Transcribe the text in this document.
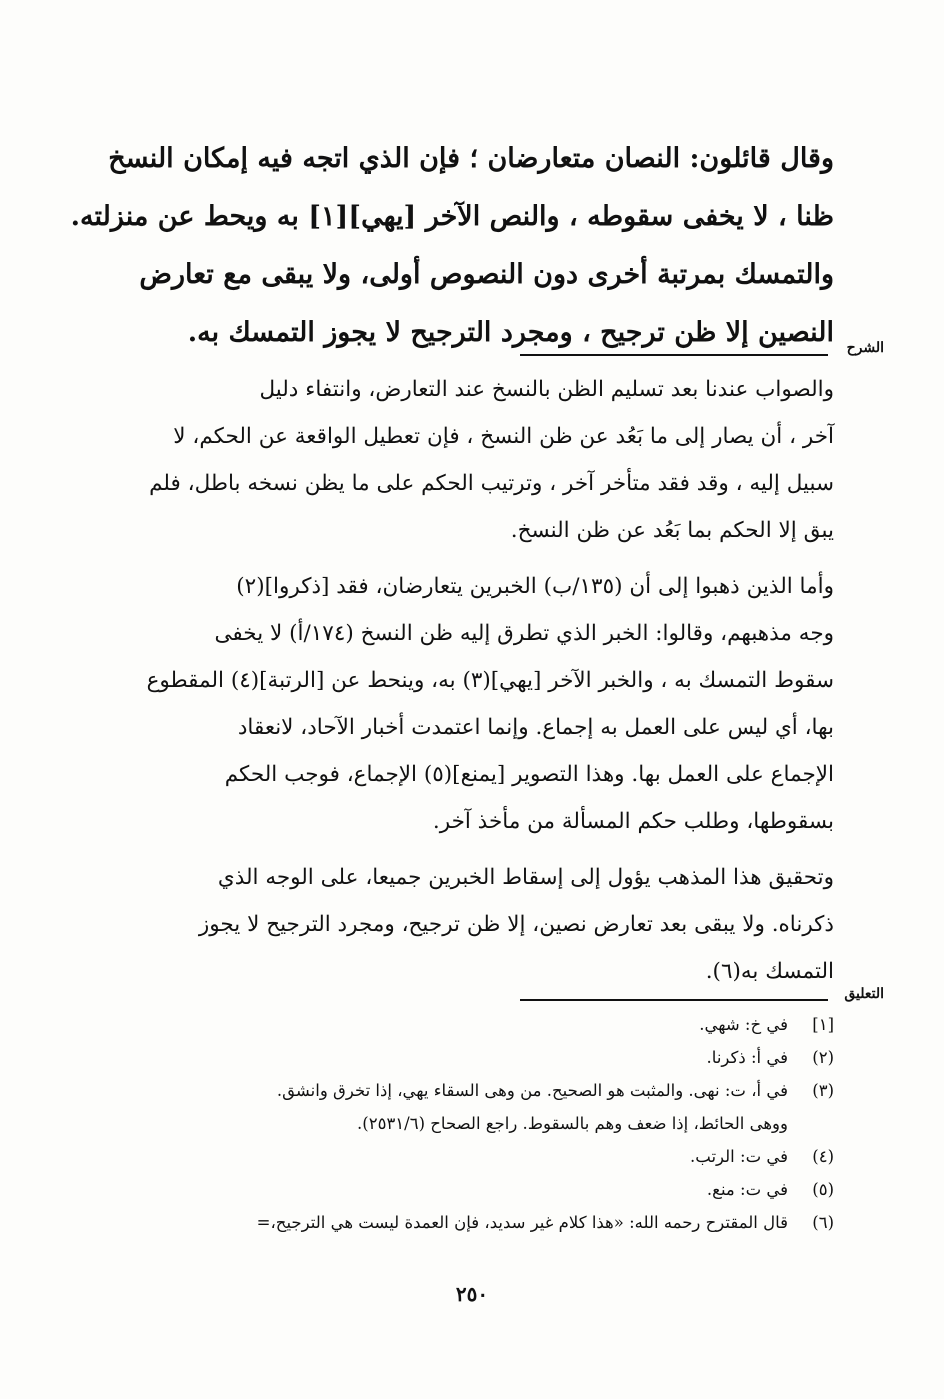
وقال قائلون: النصان متعارضان ؛ فإن الذي اتجه فيه إمكان النسخ
ظنا ، لا يخفى سقوطه ، والنص الآخر [يهي][١] به ويحط عن منزلته.
والتمسك بمرتبة أخرى دون النصوص أولى، ولا يبقى مع تعارض
النصين إلا ظن ترجيح ، ومجرد الترجيح لا يجوز التمسك به. الشرح
والصواب عندنا بعد تسليم الظن بالنسخ عند التعارض، وانتفاء دليل
آخر ، أن يصار إلى ما بَعُد عن ظن النسخ ، فإن تعطيل الواقعة عن الحكم، لا
سبيل إليه ، وقد فقد متأخر آخر ، وترتيب الحكم على ما يظن نسخه باطل، فلم
يبق إلا الحكم بما بَعُد عن ظن النسخ.
وأما الذين ذهبوا إلى أن (١٣٥/ب) الخبرين يتعارضان، فقد [ذكروا](٢)
وجه مذهبهم، وقالوا: الخبر الذي تطرق إليه ظن النسخ (١٧٤/أ) لا يخفى
سقوط التمسك به ، والخبر الآخر [يهي](٣) به، وينحط عن [الرتبة](٤) المقطوع
بها، أي ليس على العمل به إجماع. وإنما اعتمدت أخبار الآحاد، لانعقاد
الإجماع على العمل بها. وهذا التصوير [يمنع](٥) الإجماع، فوجب الحكم
بسقوطها، وطلب حكم المسألة من مأخذ آخر.
وتحقيق هذا المذهب يؤول إلى إسقاط الخبرين جميعا، على الوجه الذي
ذكرناه. ولا يبقى بعد تعارض نصين، إلا ظن ترجيح، ومجرد الترجيح لا يجوز
التمسك به(٦).
التعليق
[١]
في خ: شهي.
(٢)
في أ: ذكرنا.
(٣)
في أ، ت: نهى. والمثبت هو الصحيح. من وهى السقاء يهي، إذا تخرق وانشق.
ووهى الحائط، إذا ضعف وهم بالسقوط. راجع الصحاح (٢٥٣١/٦).
(٤)
في ت: الرتب.
(٥)
في ت: منع.
(٦)
قال المقترح رحمه الله: «هذا كلام غير سديد، فإن العمدة ليست هي الترجيح،=
٢٥٠
